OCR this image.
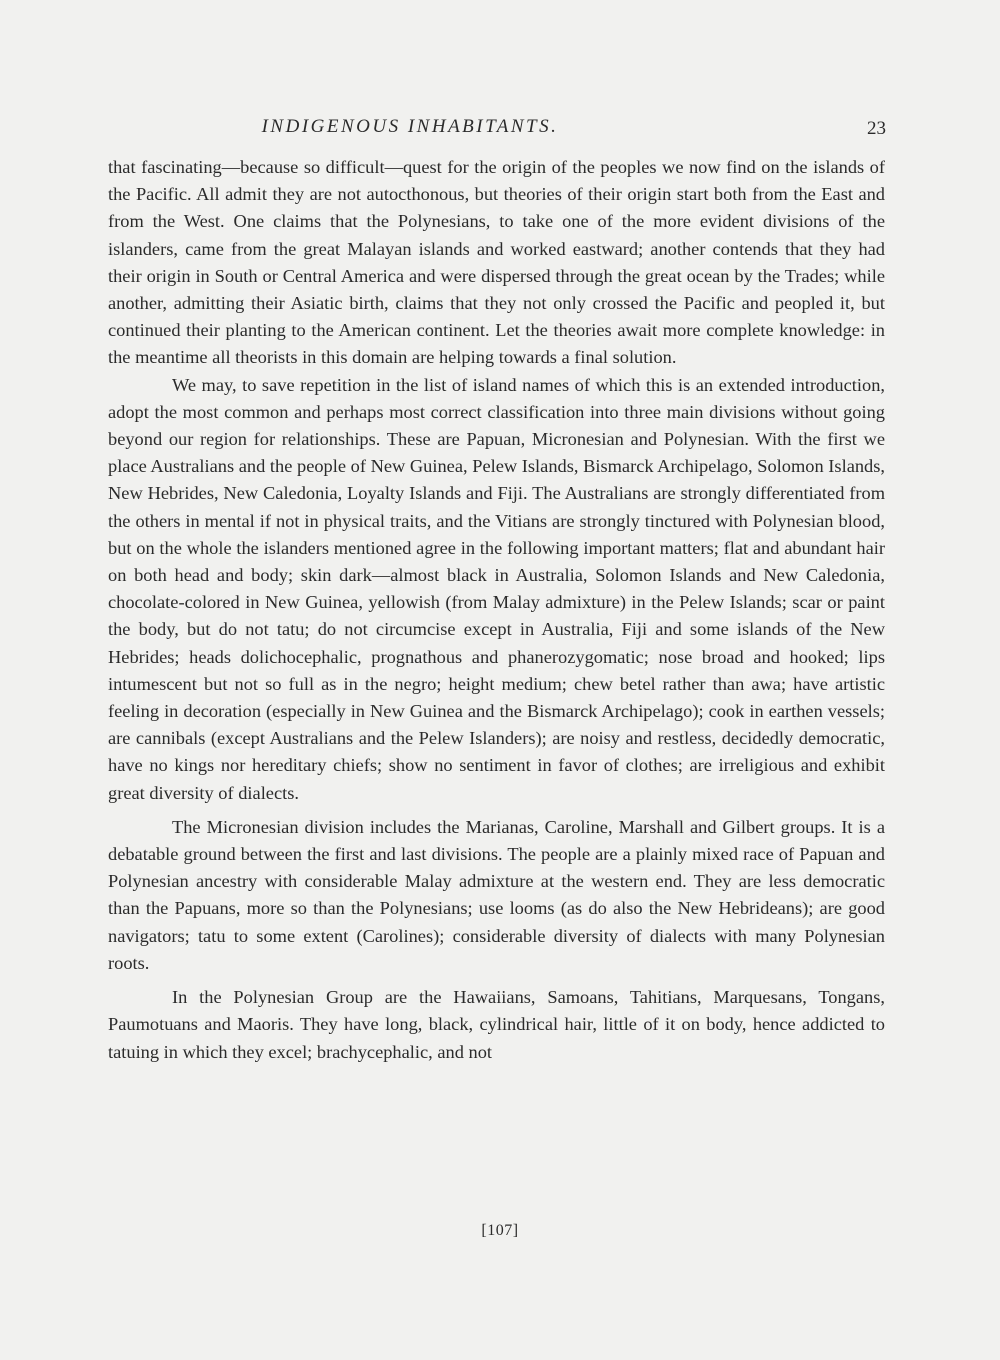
INDIGENOUS INHABITANTS.	23

that fascinating—because so difficult—quest for the origin of the peoples we now find on the islands of the Pacific. All admit they are not autocthonous, but theories of their origin start both from the East and from the West. One claims that the Polynesians, to take one of the more evident divisions of the islanders, came from the great Malayan islands and worked eastward; another contends that they had their origin in South or Central America and were dispersed through the great ocean by the Trades; while another, admitting their Asiatic birth, claims that they not only crossed the Pacific and peopled it, but continued their planting to the American continent. Let the theories await more complete knowledge: in the meantime all theorists in this domain are helping towards a final solution.

We may, to save repetition in the list of island names of which this is an extended introduction, adopt the most common and perhaps most correct classification into three main divisions without going beyond our region for relationships. These are Papuan, Micronesian and Polynesian. With the first we place Australians and the people of New Guinea, Pelew Islands, Bismarck Archipelago, Solomon Islands, New Hebrides, New Caledonia, Loyalty Islands and Fiji. The Australians are strongly differentiated from the others in mental if not in physical traits, and the Vitians are strongly tinctured with Polynesian blood, but on the whole the islanders mentioned agree in the following important matters; flat and abundant hair on both head and body; skin dark—almost black in Australia, Solomon Islands and New Caledonia, chocolate-colored in New Guinea, yellowish (from Malay admixture) in the Pelew Islands; scar or paint the body, but do not tatu; do not circumcise except in Australia, Fiji and some islands of the New Hebrides; heads dolichocephalic, prognathous and phanerozygomatic; nose broad and hooked; lips intumescent but not so full as in the negro; height medium; chew betel rather than awa; have artistic feeling in decoration (especially in New Guinea and the Bismarck Archipelago); cook in earthen vessels; are cannibals (except Australians and the Pelew Islanders); are noisy and restless, decidedly democratic, have no kings nor hereditary chiefs; show no sentiment in favor of clothes; are irreligious and exhibit great diversity of dialects.

The Micronesian division includes the Marianas, Caroline, Marshall and Gilbert groups. It is a debatable ground between the first and last divisions. The people are a plainly mixed race of Papuan and Polynesian ancestry with considerable Malay admixture at the western end. They are less democratic than the Papuans, more so than the Polynesians; use looms (as do also the New Hebrideans); are good navigators; tatu to some extent (Carolines); considerable diversity of dialects with many Polynesian roots.

In the Polynesian Group are the Hawaiians, Samoans, Tahitians, Marquesans, Tongans, Paumotuans and Maoris. They have long, black, cylindrical hair, little of it on body, hence addicted to tatuing in which they excel; brachycephalic, and not

[107]
